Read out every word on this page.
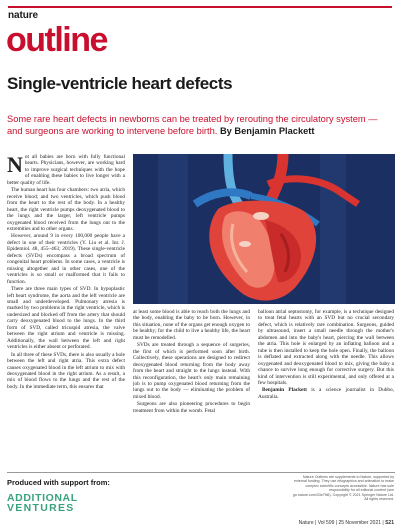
nature
outline
Single-ventricle heart defects
Some rare heart defects in newborns can be treated by rerouting the circulatory system — and surgeons are working to intervene before birth. By Benjamin Plackett

Not all babies are born with fully functional hearts. Physicians, however, are working hard to improve surgical techniques with the hope of enabling these babies to live longer with a better quality of life.

The human heart has four chambers: two atria, which receive blood; and two ventricles, which push blood from the heart to the rest of the body. In a healthy heart, the right ventricle pumps deoxygenated blood to the lungs and the larger, left ventricle pumps oxygenated blood received from the lungs out to the extremities and to other organs.

However, around 9 in every 100,000 people have a defect in one of their ventricles (Y. Liu et al. Int. J. Epidemiol. 48, 455–463; 2019). These single-ventricle defects (SVDs) encompass a broad spectrum of congenital heart problems. In some cases, a ventricle is missing altogether and in other cases, one of the ventricles is so small or malformed that it fails to function.

There are three main types of SVD. In hypoplastic left heart syndrome, the aorta and the left ventricle are small and underdeveloped. Pulmonary atresia is marked by two problems in the right ventricle, which is undersized and blocked off from the artery that should carry deoxygenated blood to the lungs. In the third form of SVD, called tricuspid atresia, the valve between the right atrium and ventricle is missing. Additionally, the wall between the left and right ventricles is either absent or perforated.

In all three of these SVDs, there is also usually a hole between the left and right atria. This extra defect causes oxygenated blood in the left atrium to mix with deoxygenated blood in the right atrium. As a result, a mix of blood flows to the lungs and the rest of the body. In the immediate term, this ensures that

at least some blood is able to reach both the lungs and the body, enabling the baby to be born. However, in this situation, none of the organs get enough oxygen to be healthy; for the child to live a healthy life, the heart must be remodelled.

SVDs are treated through a sequence of surgeries, the first of which is performed soon after birth. Collectively, these operations are designed to redirect deoxygenated blood returning from the body away from the heart and straight to the lungs instead. With this reconfiguration, the heart's only main remaining job is to pump oxygenated blood returning from the lungs out to the body — eliminating the problem of mixed blood.

Surgeons are also pioneering procedures to begin treatment from within the womb. Fetal

balloon atrial septostomy, for example, is a technique designed to treat fetal hearts with an SVD but no crucial secondary defect, which is relatively rare combination. Surgeons, guided by ultrasound, insert a small needle through the mother's abdomen and into the baby's heart, piercing the wall between the atria. This hole is enlarged by an inflating balloon and a tube is then installed to keep the hole open. Finally, the balloon is deflated and extracted along with the needle. This allows oxygenated and deoxygenated blood to mix, giving the baby a chance to survive long enough for corrective surgery. But this kind of intervention is still experimental, and only offered at a few hospitals.

Benjamin Plackett is a science journalist in Dubbo, Australia.

Produced with support from:
ADDITIONAL
VENTURES
Nature Outlines are supplements to Nature, supported by external funding. They use infographics and animation to make complex scientific concepts accessible. Nature has sole responsibility for all editorial content (see go.nature.com/33e7N6). Copyright © 2021 Springer Nature Ltd. All rights reserved.
Nature | Vol 599 | 25 November 2021 | S21
